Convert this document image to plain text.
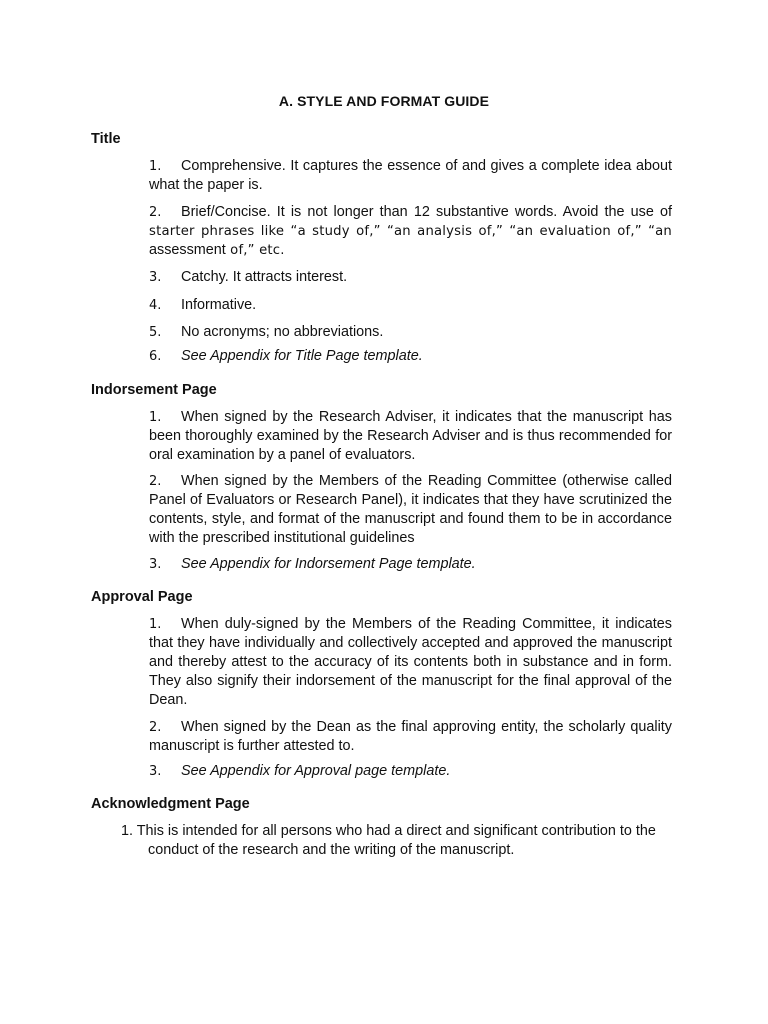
A. STYLE AND FORMAT GUIDE
Title
1. Comprehensive. It captures the essence of and gives a complete idea about what the paper is.
2. Brief/Concise. It is not longer than 12 substantive words. Avoid the use of starter phrases like “a study of,” “an analysis of,” “an evaluation of,” “an assessment of,” etc.
3. Catchy. It attracts interest.
4. Informative.
5. No acronyms; no abbreviations.
6. See Appendix for Title Page template.
Indorsement Page
1. When signed by the Research Adviser, it indicates that the manuscript has been thoroughly examined by the Research Adviser and is thus recommended for oral examination by a panel of evaluators.
2. When signed by the Members of the Reading Committee (otherwise called Panel of Evaluators or Research Panel), it indicates that they have scrutinized the contents, style, and format of the manuscript and found them to be in accordance with the prescribed institutional guidelines
3. See Appendix for Indorsement Page template.
Approval Page
1. When duly-signed by the Members of the Reading Committee, it indicates that they have individually and collectively accepted and approved the manuscript and thereby attest to the accuracy of its contents both in substance and in form. They also signify their indorsement of the manuscript for the final approval of the Dean.
2. When signed by the Dean as the final approving entity, the scholarly quality manuscript is further attested to.
3. See Appendix for Approval page template.
Acknowledgment Page
1. This is intended for all persons who had a direct and significant contribution to the
conduct of the research and the writing of the manuscript.
